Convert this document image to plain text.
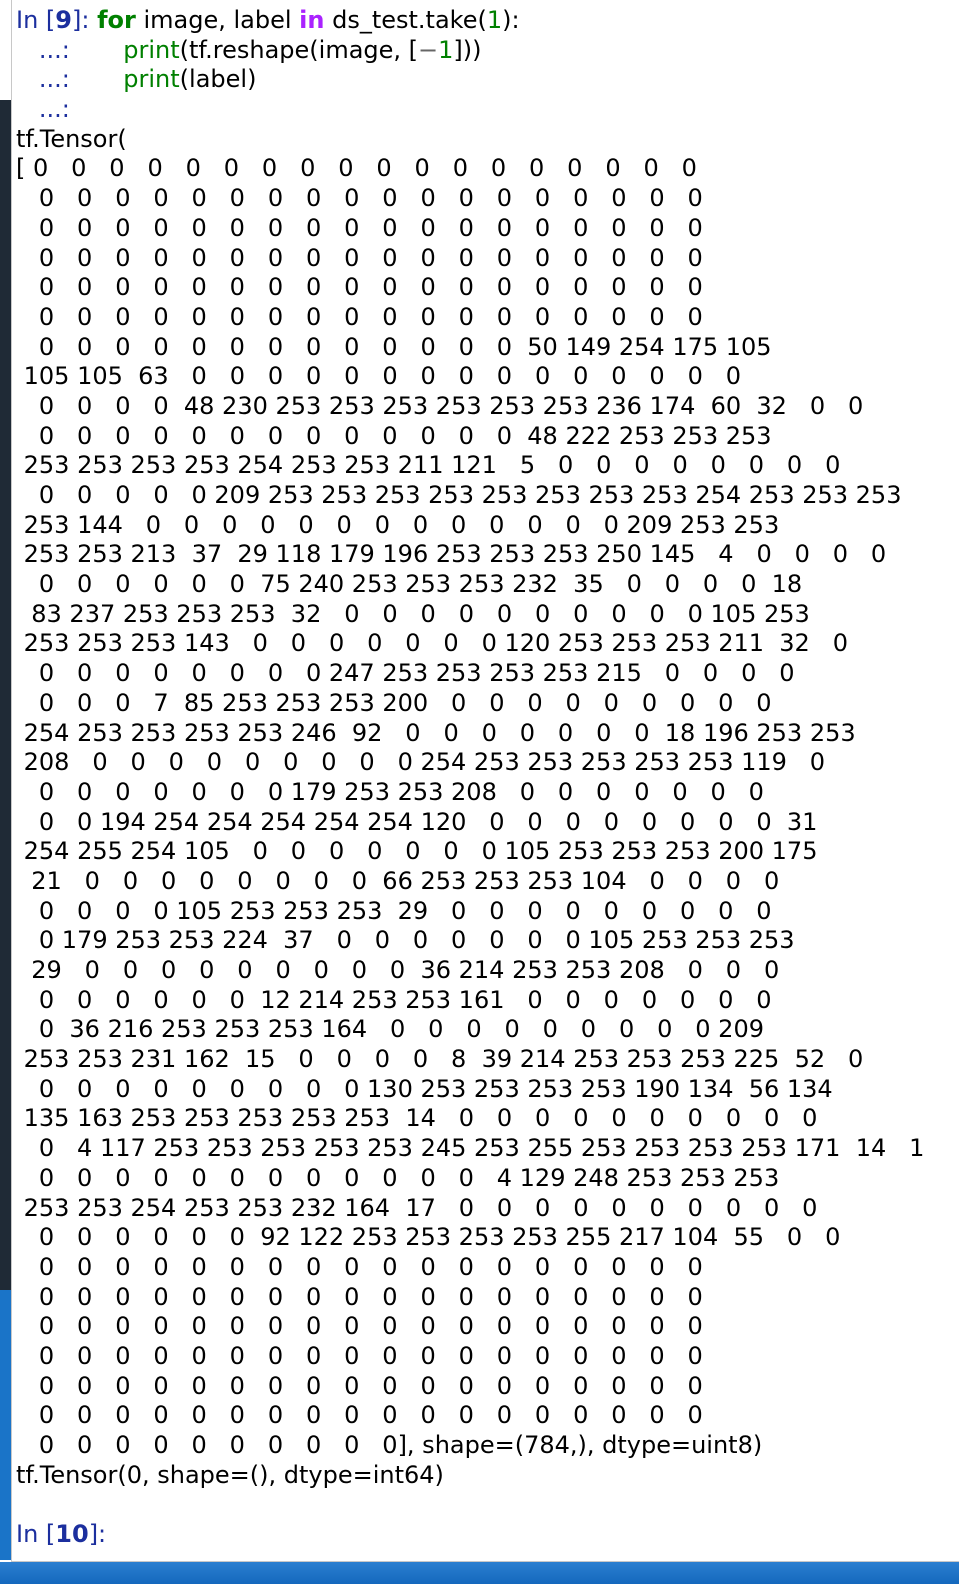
In [9]: for image, label in ds_test.take(1):
...: print(tf.reshape(image, [−1]))
...: print(label)
...:
tf.Tensor(
[ 0   0   0   0   0   0   0   0   0   0   0   0   0   0   0   0   0   0
0   0   0   0   0   0   0   0   0   0   0   0   0   0   0   0   0   0
0   0   0   0   0   0   0   0   0   0   0   0   0   0   0   0   0   0
0   0   0   0   0   0   0   0   0   0   0   0   0   0   0   0   0   0
0   0   0   0   0   0   0   0   0   0   0   0   0   0   0   0   0   0
0   0   0   0   0   0   0   0   0   0   0   0   0   0   0   0   0   0
0   0   0   0   0   0   0   0   0   0   0   0   0  50 149 254 175 105
105 105  63   0   0   0   0   0   0   0   0   0   0   0   0   0   0   0
0   0   0   0  48 230 253 253 253 253 253 253 236 174  60  32   0   0
0   0   0   0   0   0   0   0   0   0   0   0   0  48 222 253 253 253
253 253 253 253 254 253 253 211 121   5   0   0   0   0   0   0   0   0
0   0   0   0   0 209 253 253 253 253 253 253 253 253 254 253 253 253
253 144   0   0   0   0   0   0   0   0   0   0   0   0   0 209 253 253
253 253 213  37  29 118 179 196 253 253 253 250 145   4   0   0   0   0
0   0   0   0   0   0  75 240 253 253 253 232  35   0   0   0   0  18
83 237 253 253 253  32   0   0   0   0   0   0   0   0   0   0 105 253
253 253 253 143   0   0   0   0   0   0   0 120 253 253 253 211  32   0
0   0   0   0   0   0   0   0 247 253 253 253 253 215   0   0   0   0
0   0   0   7  85 253 253 253 200   0   0   0   0   0   0   0   0   0
254 253 253 253 253 246  92   0   0   0   0   0   0   0  18 196 253 253
208   0   0   0   0   0   0   0   0   0 254 253 253 253 253 253 119   0
0   0   0   0   0   0   0 179 253 253 208   0   0   0   0   0   0   0
0   0 194 254 254 254 254 254 120   0   0   0   0   0   0   0   0  31
254 255 254 105   0   0   0   0   0   0   0 105 253 253 253 200 175
21   0   0   0   0   0   0   0   0  66 253 253 253 104   0   0   0   0
0   0   0   0 105 253 253 253  29   0   0   0   0   0   0   0   0   0
0 179 253 253 224  37   0   0   0   0   0   0   0 105 253 253 253
29   0   0   0   0   0   0   0   0   0  36 214 253 253 208   0   0   0
0   0   0   0   0   0  12 214 253 253 161   0   0   0   0   0   0   0
0  36 216 253 253 253 164   0   0   0   0   0   0   0   0   0 209
253 253 231 162  15   0   0   0   0   8  39 214 253 253 253 225  52   0
0   0   0   0   0   0   0   0   0 130 253 253 253 253 190 134  56 134
135 163 253 253 253 253 253  14   0   0   0   0   0   0   0   0   0   0
0   4 117 253 253 253 253 253 245 253 255 253 253 253 253 171  14   1
0   0   0   0   0   0   0   0   0   0   0   0   4 129 248 253 253 253
253 253 254 253 253 232 164  17   0   0   0   0   0   0   0   0   0   0
0   0   0   0   0   0  92 122 253 253 253 253 255 217 104  55   0   0
0   0   0   0   0   0   0   0   0   0   0   0   0   0   0   0   0   0
0   0   0   0   0   0   0   0   0   0   0   0   0   0   0   0   0   0
0   0   0   0   0   0   0   0   0   0   0   0   0   0   0   0   0   0
0   0   0   0   0   0   0   0   0   0   0   0   0   0   0   0   0   0
0   0   0   0   0   0   0   0   0   0   0   0   0   0   0   0   0   0
0   0   0   0   0   0   0   0   0   0   0   0   0   0   0   0   0   0
0   0   0   0   0   0   0   0   0   0], shape=(784,), dtype=uint8)
tf.Tensor(0, shape=(), dtype=int64)
In [10]:
